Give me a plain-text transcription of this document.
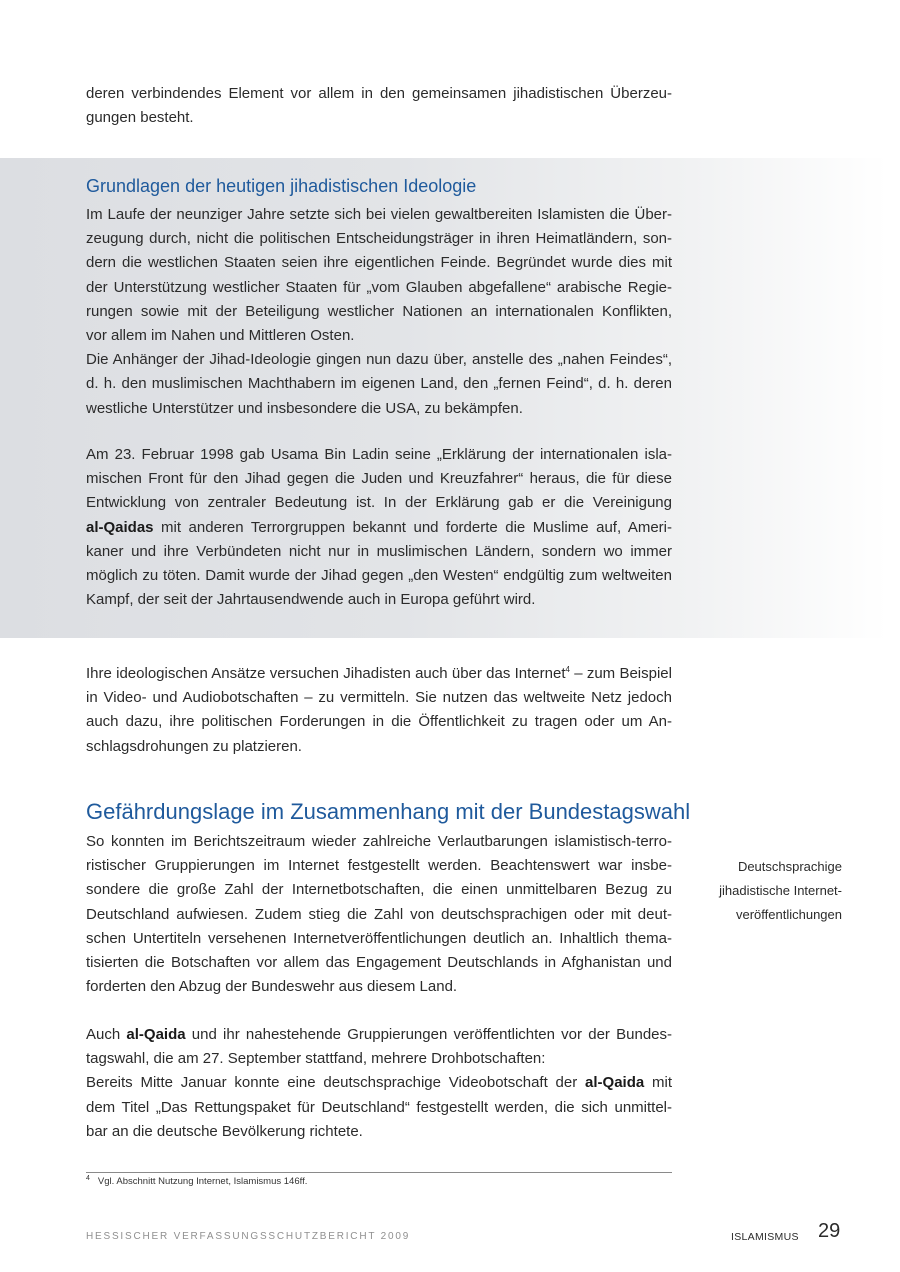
deren verbindendes Element vor allem in den gemeinsamen jihadistischen Überzeu-
gungen besteht.
Grundlagen der heutigen jihadistischen Ideologie
Im Laufe der neunziger Jahre setzte sich bei vielen gewaltbereiten Islamisten die Über-
zeugung durch, nicht die politischen Entscheidungsträger in ihren Heimatländern, son-
dern die westlichen Staaten seien ihre eigentlichen Feinde. Begründet wurde dies mit
der Unterstützung westlicher Staaten für „vom Glauben abgefallene“ arabische Regie-
rungen sowie mit der Beteiligung westlicher Nationen an internationalen Konflikten,
vor allem im Nahen und Mittleren Osten.
Die Anhänger der Jihad-Ideologie gingen nun dazu über, anstelle des „nahen Feindes“,
d. h. den muslimischen Machthabern im eigenen Land, den „fernen Feind“, d. h. deren
westliche Unterstützer und insbesondere die USA, zu bekämpfen.
Am 23. Februar 1998 gab Usama Bin Ladin seine „Erklärung der internationalen isla-
mischen Front für den Jihad gegen die Juden und Kreuzfahrer“ heraus, die für diese
Entwicklung von zentraler Bedeutung ist. In der Erklärung gab er die Vereinigung
al-Qaidas mit anderen Terrorgruppen bekannt und forderte die Muslime auf, Ameri-
kaner und ihre Verbündeten nicht nur in muslimischen Ländern, sondern wo immer
möglich zu töten. Damit wurde der Jihad gegen „den Westen“ endgültig zum weltweiten
Kampf, der seit der Jahrtausendwende auch in Europa geführt wird.
Ihre ideologischen Ansätze versuchen Jihadisten auch über das Internet$^4$ – zum Beispiel
in Video- und Audiobotschaften – zu vermitteln. Sie nutzen das weltweite Netz jedoch
auch dazu, ihre politischen Forderungen in die Öffentlichkeit zu tragen oder um An-
schlagsdrohungen zu platzieren.
Gefährdungslage im Zusammenhang mit der Bundestagswahl
So konnten im Berichtszeitraum wieder zahlreiche Verlautbarungen islamistisch-terro-
ristischer Gruppierungen im Internet festgestellt werden. Beachtenswert war insbe-
sondere die große Zahl der Internetbotschaften, die einen unmittelbaren Bezug zu
Deutschland aufwiesen. Zudem stieg die Zahl von deutschsprachigen oder mit deut-
schen Untertiteln versehenen Internetveröffentlichungen deutlich an. Inhaltlich thema-
tisierten die Botschaften vor allem das Engagement Deutschlands in Afghanistan und
forderten den Abzug der Bundeswehr aus diesem Land.
Deutschsprachige
jihadistische Internet-
veröffentlichungen
Auch al-Qaida und ihr nahestehende Gruppierungen veröffentlichten vor der Bundes-
tagswahl, die am 27. September stattfand, mehrere Drohbotschaften:
Bereits Mitte Januar konnte eine deutschsprachige Videobotschaft der al-Qaida mit
dem Titel „Das Rettungspaket für Deutschland“ festgestellt werden, die sich unmittel-
bar an die deutsche Bevölkerung richtete.
$^4$ Vgl. Abschnitt Nutzung Internet, Islamismus 146ff.
HESSISCHER VERFASSUNGSSCHUTZBERICHT 2009	ISLAMISMUS 29
